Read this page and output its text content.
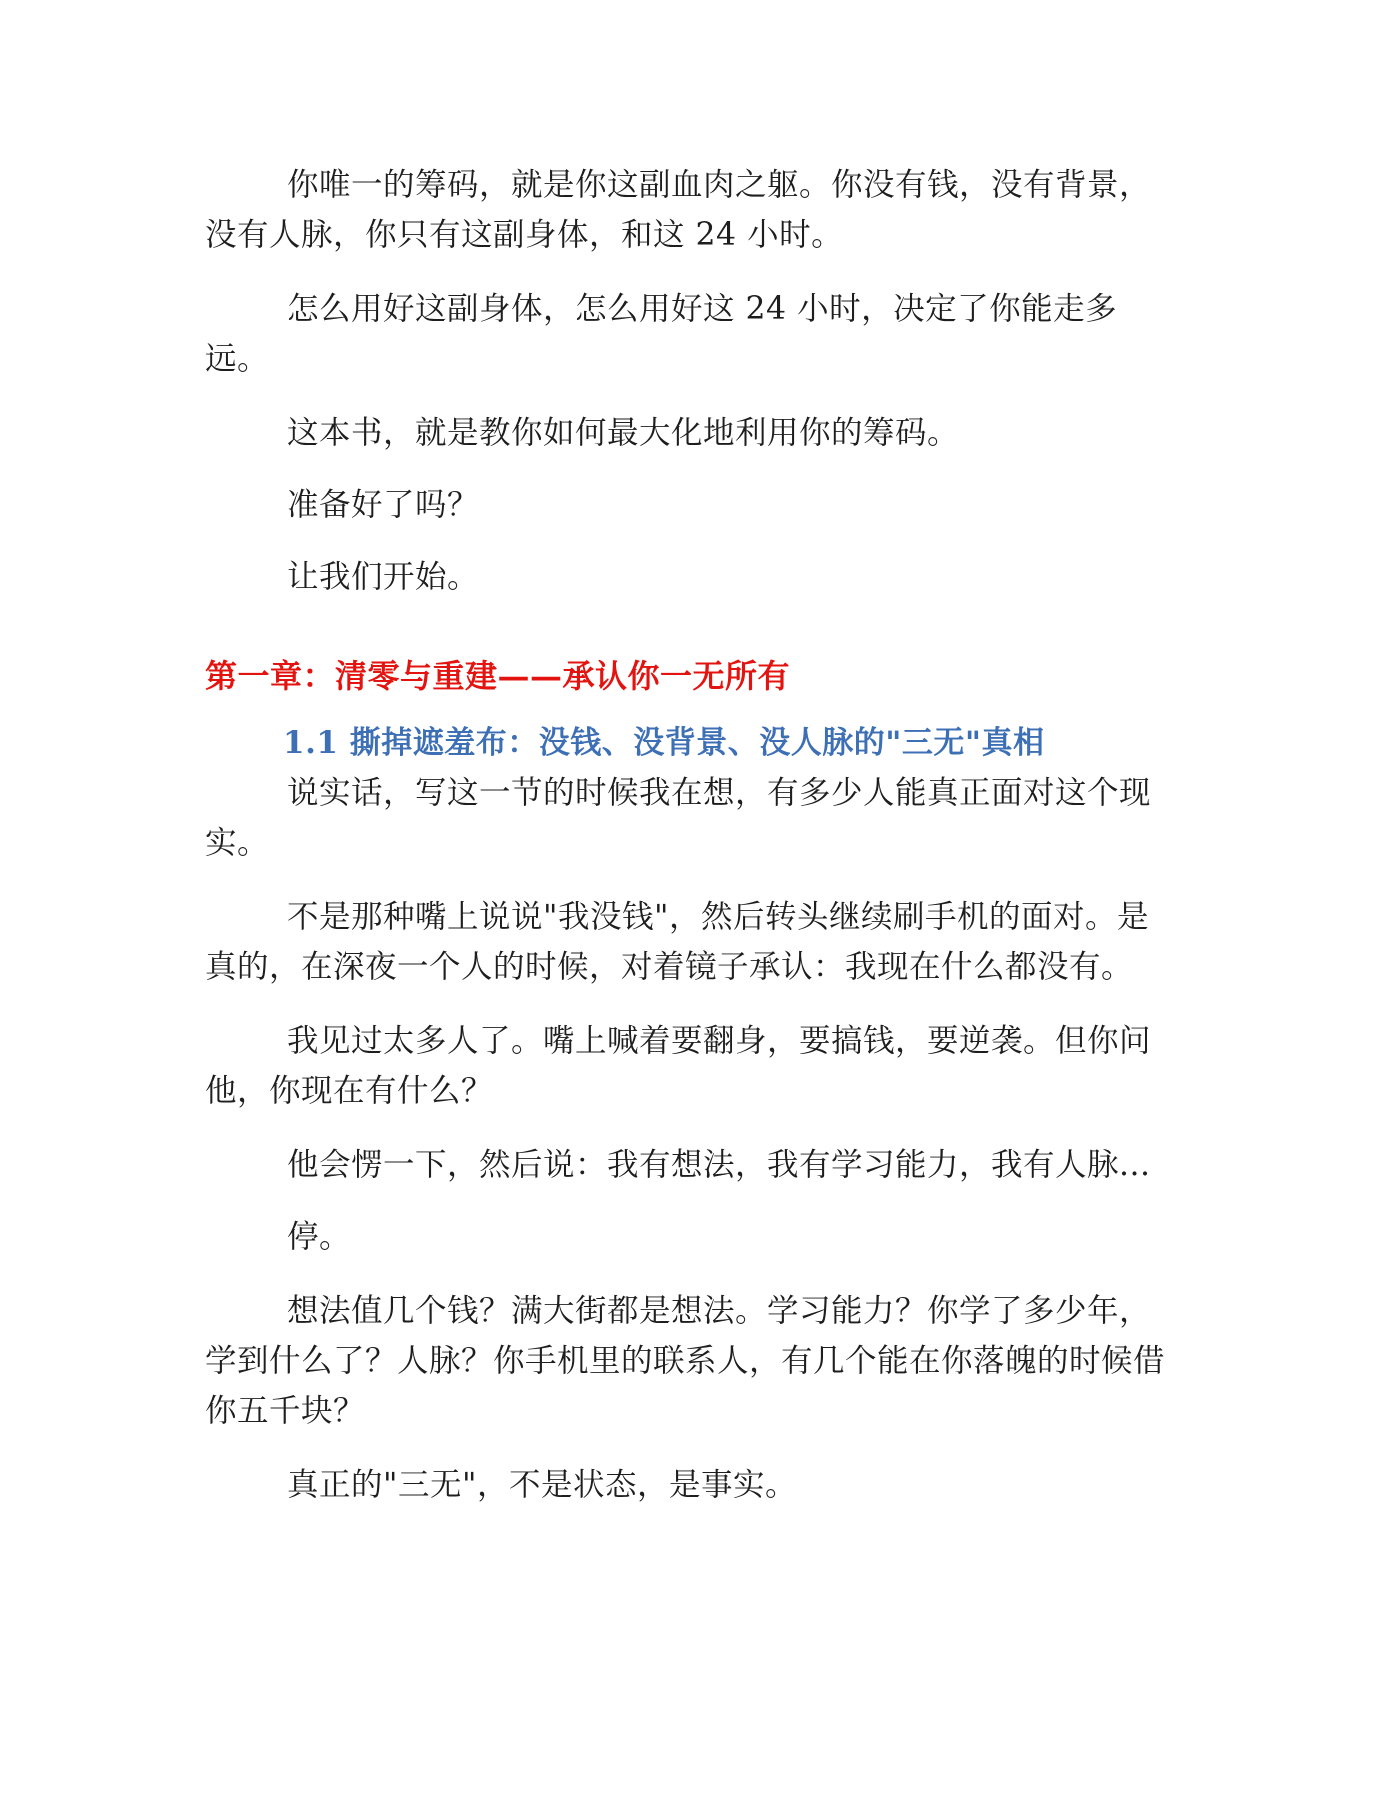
你唯一的筹码，就是你这副血肉之躯。你没有钱，没有背景，没有人脉，你只有这副身体，和这 24 小时。

怎么用好这副身体，怎么用好这 24 小时，决定了你能走多远。

这本书，就是教你如何最大化地利用你的筹码。

准备好了吗？

让我们开始。

第一章：清零与重建——承认你一无所有
1.1 撕掉遮羞布：没钱、没背景、没人脉的"三无"真相

说实话，写这一节的时候我在想，有多少人能真正面对这个现实。

不是那种嘴上说说"我没钱"，然后转头继续刷手机的面对。是真的，在深夜一个人的时候，对着镜子承认：我现在什么都没有。

我见过太多人了。嘴上喊着要翻身，要搞钱，要逆袭。但你问他，你现在有什么？

他会愣一下，然后说：我有想法，我有学习能力，我有人脉...

停。

想法值几个钱？满大街都是想法。学习能力？你学了多少年，学到什么了？人脉？你手机里的联系人，有几个能在你落魄的时候借你五千块？

真正的"三无"，不是状态，是事实。
